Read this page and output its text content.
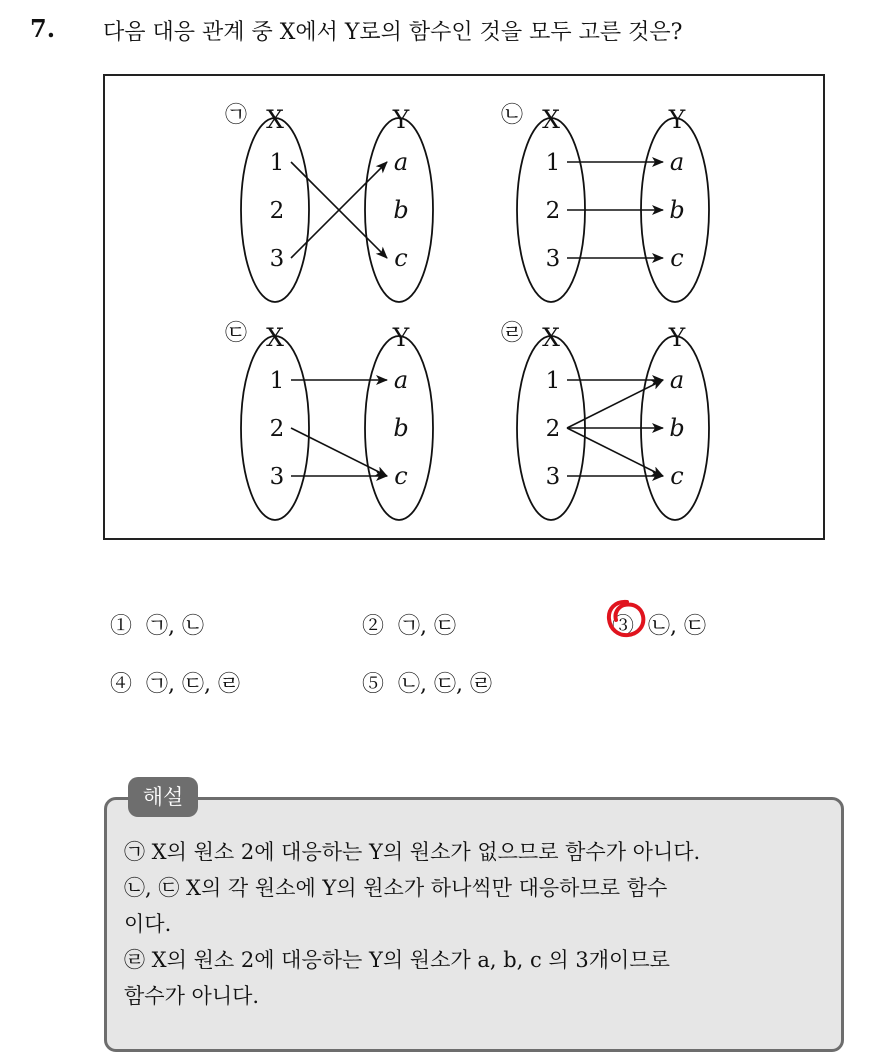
7. 다음 대응 관계 중 X에서 Y로의 함수인 것을 모두 고른 것은?
㉠ X	Y
1
2
3
a
b
c
㉡ X	Y
1
2
3
a
b
c
㉢ X	Y
1
2
3
a
b
c
㉣ X	Y
1
2
3
a
b
c
① ㉠, ㉡	② ㉠, ㉢	③ ㉡, ㉢
④ ㉠, ㉢, ㉣	⑤ ㉡, ㉢, ㉣
해설
㉠ X의 원소 2에 대응하는 Y의 원소가 없으므로 함수가 아니다.
㉡, ㉢ X의 각 원소에 Y의 원소가 하나씩만 대응하므로 함수
이다.
㉣ X의 원소 2에 대응하는 Y의 원소가 a, b, c 의 3개이므로
함수가 아니다.
